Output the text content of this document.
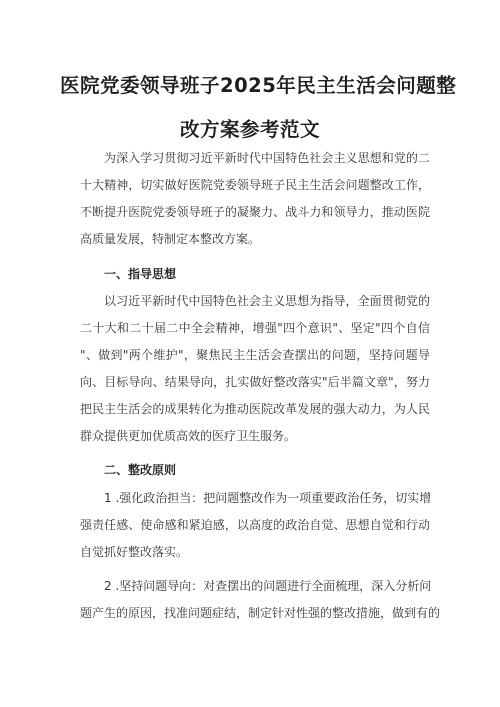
医院党委领导班子2025年民主生活会问题整
改方案参考范文
为深入学习贯彻习近平新时代中国特色社会主义思想和党的二
十大精神，切实做好医院党委领导班子民主生活会问题整改工作，
不断提升医院党委领导班子的凝聚力、战斗力和领导力，推动医院
高质量发展，特制定本整改方案。
一、指导思想
以习近平新时代中国特色社会主义思想为指导，全面贯彻党的
二十大和二十届二中全会精神，增强"四个意识"、坚定"四个自信
"、做到"两个维护"，聚焦民主生活会查摆出的问题，坚持问题导
向、目标导向、结果导向，扎实做好整改落实"后半篇文章"，努力
把民主生活会的成果转化为推动医院改革发展的强大动力，为人民
群众提供更加优质高效的医疗卫生服务。
二、整改原则
1 .强化政治担当：把问题整改作为一项重要政治任务，切实增
强责任感、使命感和紧迫感，以高度的政治自觉、思想自觉和行动
自觉抓好整改落实。
2 .坚持问题导向：对查摆出的问题进行全面梳理，深入分析问
题产生的原因，找准问题症结，制定针对性强的整改措施，做到有的
